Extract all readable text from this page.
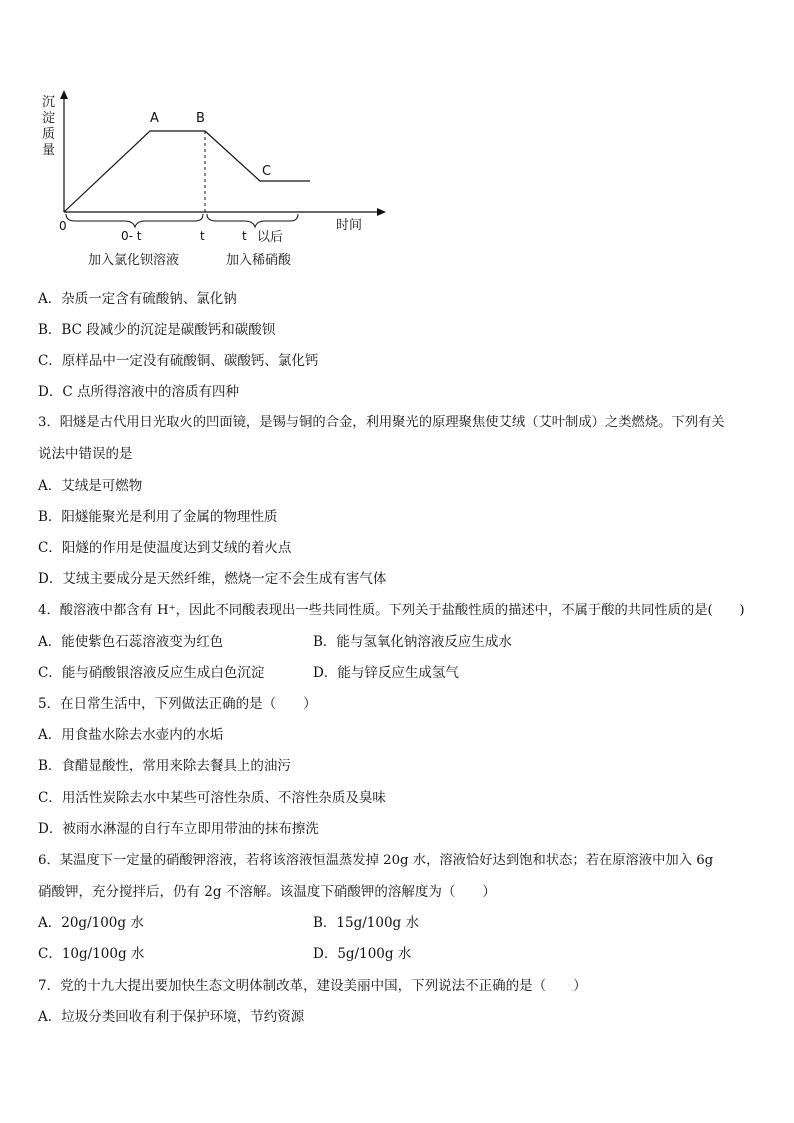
沉
淀
质
量
A	B
C
0	时间
0- t	t	t 以后
加入氯化钡溶液	加入稀硝酸
A．杂质一定含有硫酸钠、氯化钠
B．BC 段减少的沉淀是碳酸钙和碳酸钡
C．原样品中一定没有硫酸铜、碳酸钙、氯化钙
D．C 点所得溶液中的溶质有四种
3．阳燧是古代用日光取火的凹面镜，是锡与铜的合金，利用聚光的原理聚焦使艾绒（艾叶制成）之类燃烧。下列有关
说法中错误的是
A．艾绒是可燃物
B．阳燧能聚光是利用了金属的物理性质
C．阳燧的作用是使温度达到艾绒的着火点
D．艾绒主要成分是天然纤维，燃烧一定不会生成有害气体
4．酸溶液中都含有 H⁺，因此不同酸表现出一些共同性质。下列关于盐酸性质的描述中，不属于酸的共同性质的是(　　)
A．能使紫色石蕊溶液变为红色	B．能与氢氧化钠溶液反应生成水
C．能与硝酸银溶液反应生成白色沉淀	D．能与锌反应生成氢气
5．在日常生活中，下列做法正确的是（　　）
A．用食盐水除去水壶内的水垢
B．食醋显酸性，常用来除去餐具上的油污
C．用活性炭除去水中某些可溶性杂质、不溶性杂质及臭味
D．被雨水淋湿的自行车立即用带油的抹布擦洗
6．某温度下一定量的硝酸钾溶液，若将该溶液恒温蒸发掉 20g 水，溶液恰好达到饱和状态；若在原溶液中加入 6g
硝酸钾，充分搅拌后，仍有 2g 不溶解。该温度下硝酸钾的溶解度为（　　）
A．20g/100g 水	B．15g/100g 水
C．10g/100g 水	D．5g/100g 水
7．党的十九大提出要加快生态文明体制改革，建设美丽中国，下列说法不正确的是（　　）
A．垃圾分类回收有利于保护环境，节约资源
